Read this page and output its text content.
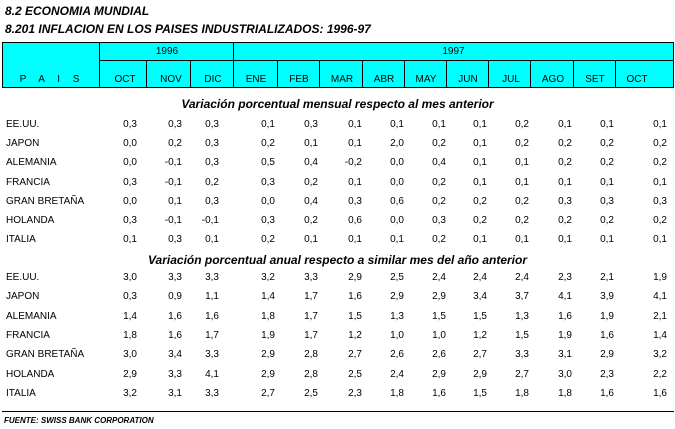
8.2 ECONOMIA MUNDIAL
8.201 INFLACION EN LOS PAISES INDUSTRIALIZADOS: 1996-97
P A I S
1996	1997
OCT	NOV	DIC	ENE	FEB	MAR	ABR	MAY	JUN	JUL	AGO	SET	OCT
Variación porcentual mensual respecto al mes anterior
EE.UU.	0,3	0,3	0,3	0,1	0,3	0,1	0,1	0,1	0,1	0,2	0,1	0,1	0,1
JAPON	0,0	0,2	0,3	0,2	0,1	0,1	2,0	0,2	0,1	0,2	0,2	0,2	0,2
ALEMANIA	0,0	-0,1	0,3	0,5	0,4	-0,2	0,0	0,4	0,1	0,1	0,2	0,2	0,2
FRANCIA	0,3	-0,1	0,2	0,3	0,2	0,1	0,0	0,2	0,1	0,1	0,1	0,1	0,1
GRAN BRETAÑA	0,0	0,1	0,3	0,0	0,4	0,3	0,6	0,2	0,2	0,2	0,3	0,3	0,3
HOLANDA	0,3	-0,1	-0,1	0,3	0,2	0,6	0,0	0,3	0,2	0,2	0,2	0,2	0,2
ITALIA	0,1	0,3	0,1	0,2	0,1	0,1	0,1	0,2	0,1	0,1	0,1	0,1	0,1
Variación porcentual anual respecto a similar mes del año anterior
EE.UU.	3,0	3,3	3,3	3,2	3,3	2,9	2,5	2,4	2,4	2,4	2,3	2,1	1,9
JAPON	0,3	0,9	1,1	1,4	1,7	1,6	2,9	2,9	3,4	3,7	4,1	3,9	4,1
ALEMANIA	1,4	1,6	1,6	1,8	1,7	1,5	1,3	1,5	1,5	1,3	1,6	1,9	2,1
FRANCIA	1,8	1,6	1,7	1,9	1,7	1,2	1,0	1,0	1,2	1,5	1,9	1,6	1,4
GRAN BRETAÑA	3,0	3,4	3,3	2,9	2,8	2,7	2,6	2,6	2,7	3,3	3,1	2,9	3,2
HOLANDA	2,9	3,3	4,1	2,9	2,8	2,5	2,4	2,9	2,9	2,7	3,0	2,3	2,2
ITALIA	3,2	3,1	3,3	2,7	2,5	2,3	1,8	1,6	1,5	1,8	1,8	1,6	1,6
FUENTE: SWISS BANK CORPORATION
